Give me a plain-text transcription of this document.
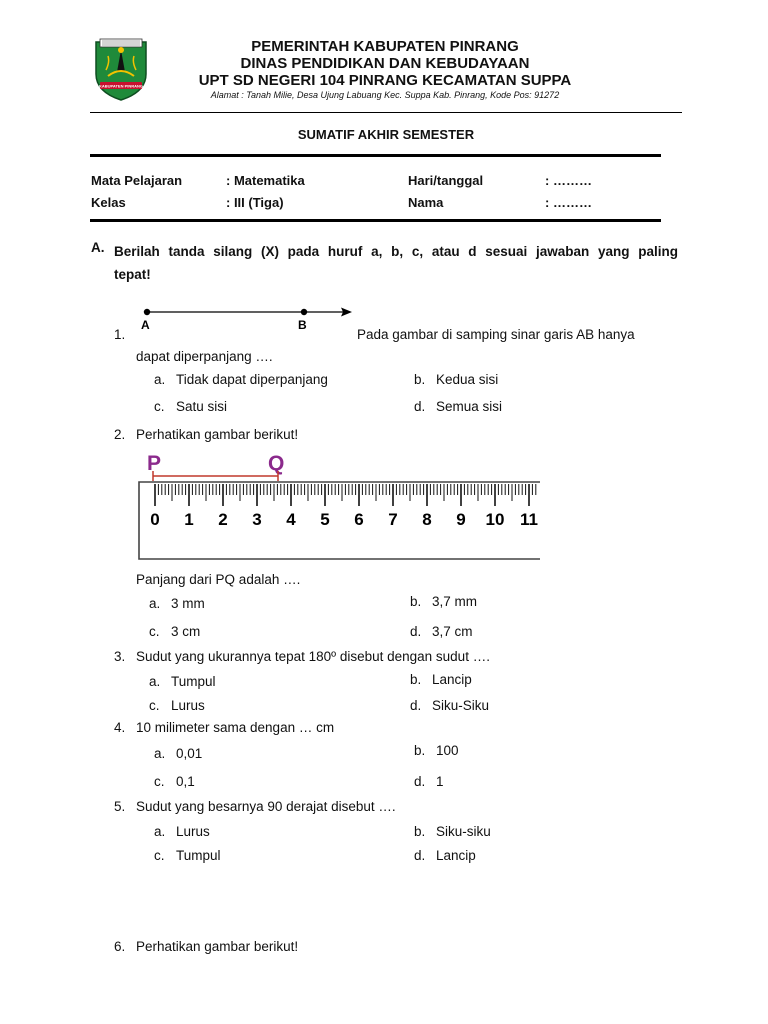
KABUPATEN PINRANG
PEMERINTAH KABUPATEN PINRANG
DINAS PENDIDIKAN DAN KEBUDAYAAN
UPT SD NEGERI 104 PINRANG KECAMATAN SUPPA
Alamat : Tanah Milie, Desa Ujung Labuang Kec. Suppa Kab. Pinrang, Kode Pos: 91272
SUMATIF AKHIR SEMESTER
Mata Pelajaran	: Matematika	Hari/tanggal	: ………
Kelas	: III (Tiga)	Nama	: ………
A. Berilah tanda silang (X) pada huruf a, b, c, atau d sesuai jawaban yang paling
tepat!
A	B
1.	Pada gambar di samping sinar garis AB hanya
dapat diperpanjang ….
a. Tidak dapat diperpanjang	b. Kedua sisi
c. Satu sisi	d. Semua sisi
2. Perhatikan gambar berikut!
P	Q
0 1 2 3 4 5 6 7 8 9 10 11
Panjang dari PQ adalah ….
a. 3 mm	b. 3,7 mm
c. 3 cm	d. 3,7 cm
3. Sudut yang ukurannya tepat 180º disebut dengan sudut ….
a. Tumpul	b. Lancip
c. Lurus	d. Siku-Siku
4. 10 milimeter sama dengan … cm
a. 0,01	b. 100
c. 0,1	d. 1
5. Sudut yang besarnya 90 derajat disebut ….
a. Lurus	b. Siku-siku
c. Tumpul	d. Lancip
6. Perhatikan gambar berikut!
